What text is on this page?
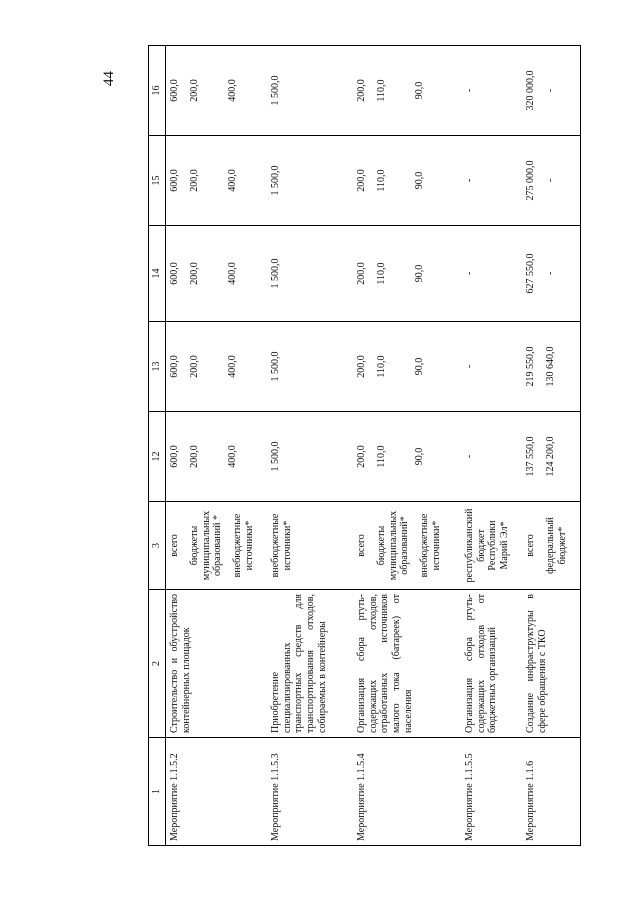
44
1	2	3	12	13	14	15	16
Мероприятие 1.1.5.2	Строительство и обустройство контейнерных площадок	всего бюджеты муниципальных образований * внебюджетные источники*	600,0 200,0 400,0	600,0 200,0 400,0	600,0 200,0 400,0	600,0 200,0 400,0	600,0 200,0 400,0

Мероприятие 1.1.5.3	Приобретение специализированных транспортных средств для транспортирования отходов, собираемых в контейнеры	внебюджетные источники*	1 500,0	1 500,0	1 500,0	1 500,0	1 500,0

Мероприятие 1.1.5.4	Организация сбора ртуть-содержащих отходов, отработанных источников малого тока (батареек) от населения	всего бюджеты муниципальных образований* внебюджетные источники*	200,0 110,0 90,0	200,0 110,0 90,0	200,0 110,0 90,0	200,0 110,0 90,0	200,0 110,0 90,0

Мероприятие 1.1.5.5	Организация сбора ртуть-содержащих отходов от бюджетных организаций	республиканский бюджет Республики Марий Эл*	-	-	-	-	-

Мероприятие 1.1.6	Создание инфраструктуры в сфере обращения с ТКО	всего федеральный бюджет*	137 550,0 124 200,0	219 550,0 130 640,0	627 550,0 -	275 000,0 -	320 000,0 -
